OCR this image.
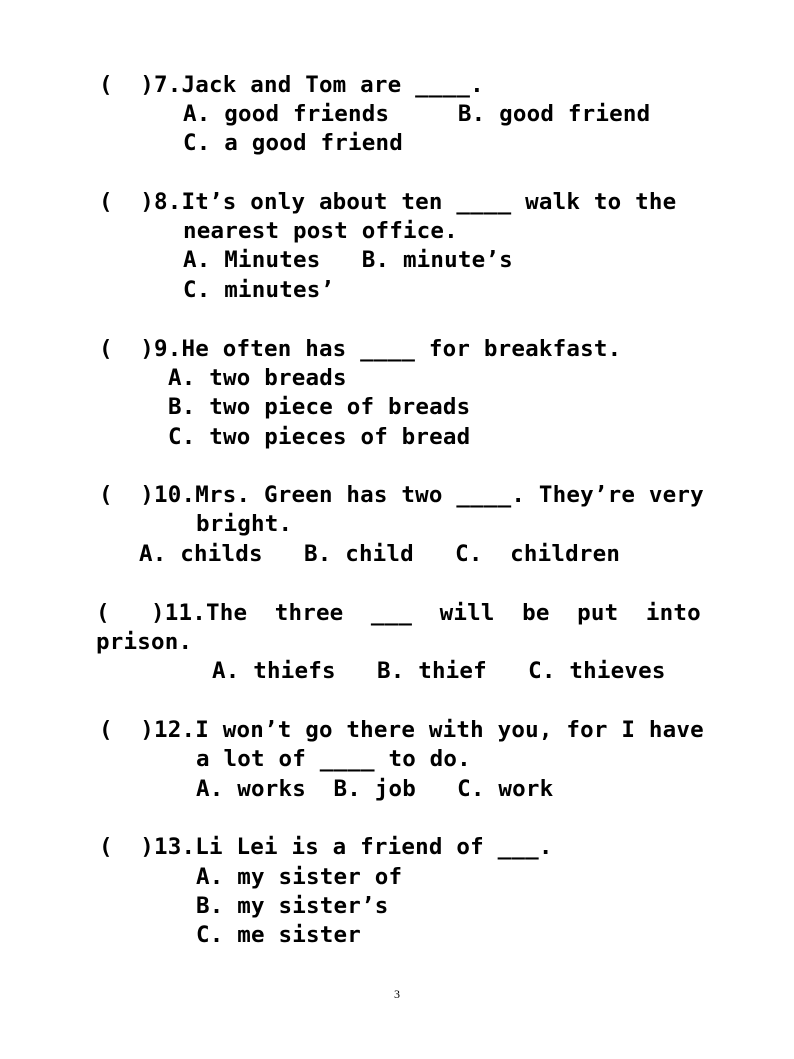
(  )7.Jack and Tom are ____.
A. good friends     B. good friend
C. a good friend
(  )8.It’s only about ten ____ walk to the
nearest post office.
A. Minutes   B. minute’s
C. minutes’
(  )9.He often has ____ for breakfast.
A. two breads
B. two piece of breads
C. two pieces of bread
(  )10.Mrs. Green has two ____. They’re very
bright.
A. childs   B. child   C.  children
(   )11.The  three  ___  will  be  put  into
prison.
A. thiefs   B. thief   C. thieves
(  )12.I won’t go there with you, for I have
a lot of ____ to do.
A. works  B. job   C. work
(  )13.Li Lei is a friend of ___.
A. my sister of
B. my sister’s
C. me sister
3
